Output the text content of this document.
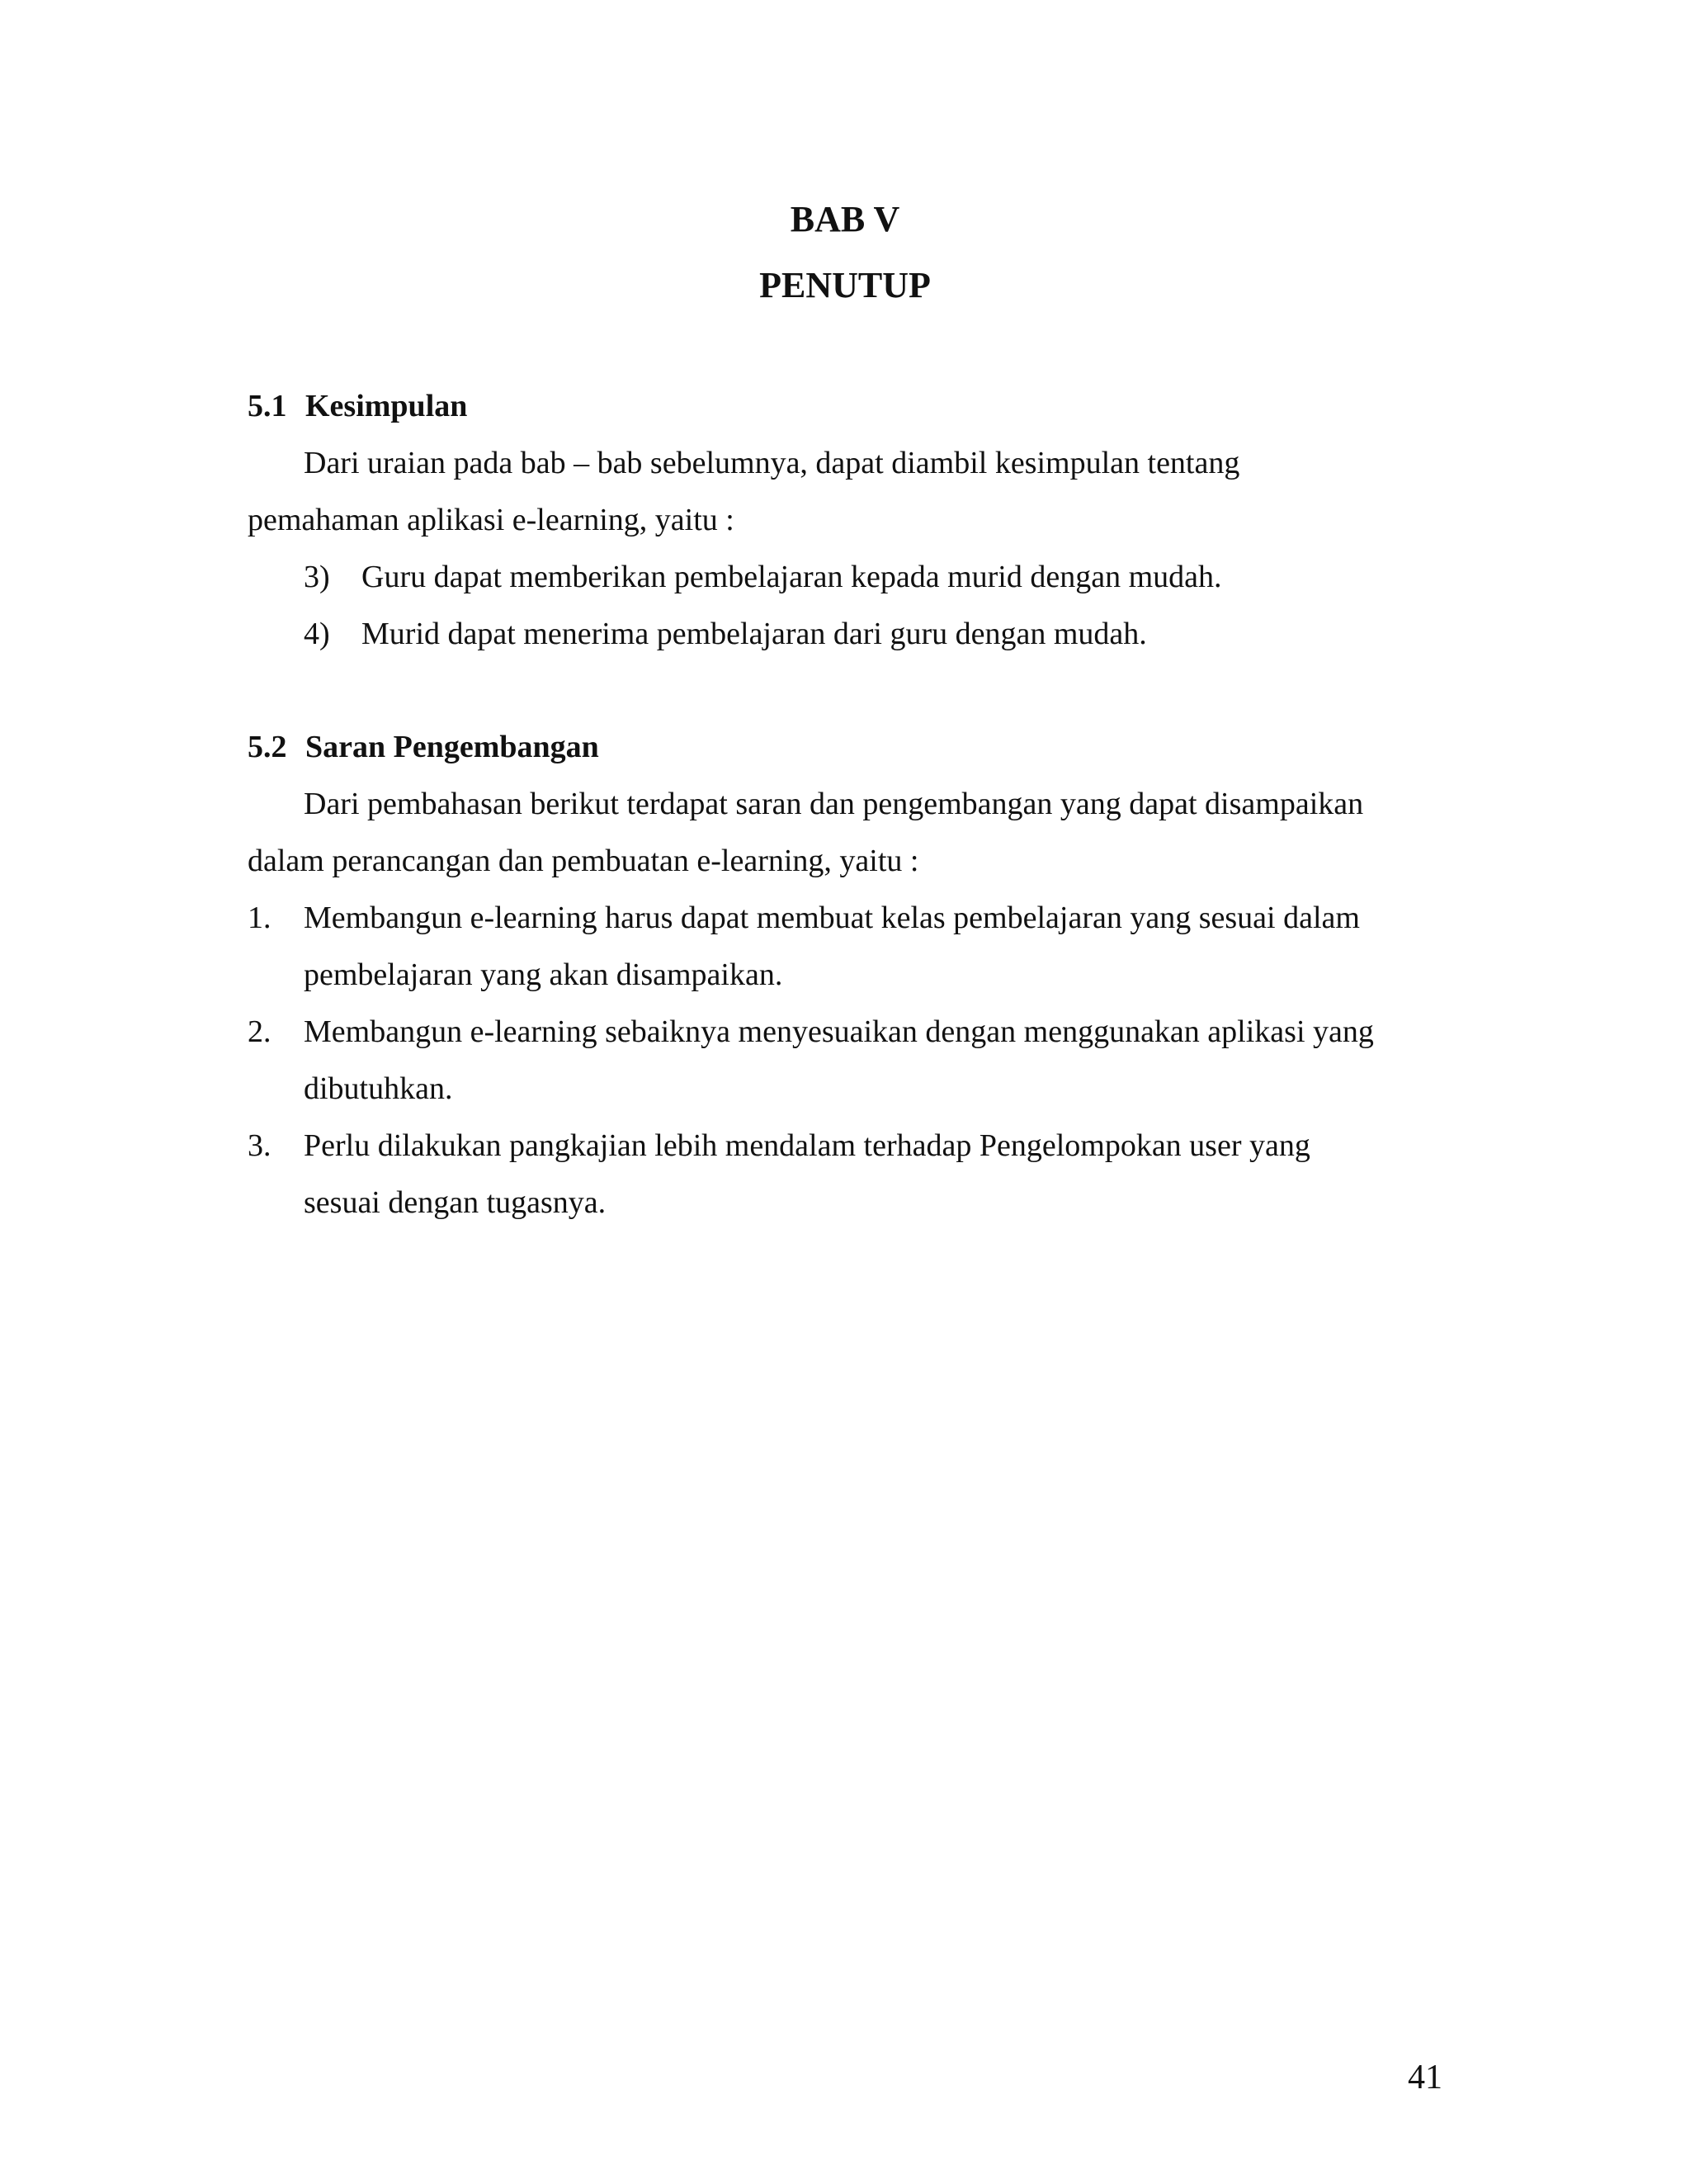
BAB V
PENUTUP
5.1 Kesimpulan
Dari uraian pada bab – bab sebelumnya, dapat diambil kesimpulan tentang
pemahaman aplikasi e-learning, yaitu :
3) Guru dapat memberikan pembelajaran kepada murid dengan mudah.
4) Murid dapat menerima pembelajaran dari guru dengan mudah.
5.2 Saran Pengembangan
Dari pembahasan berikut terdapat saran dan pengembangan yang dapat disampaikan
dalam perancangan dan pembuatan e-learning, yaitu :
1. Membangun e-learning harus dapat membuat kelas pembelajaran yang sesuai dalam
pembelajaran yang akan disampaikan.
2. Membangun e-learning sebaiknya menyesuaikan dengan menggunakan aplikasi yang
dibutuhkan.
3. Perlu dilakukan pangkajian lebih mendalam terhadap Pengelompokan user yang
sesuai dengan tugasnya.
41
